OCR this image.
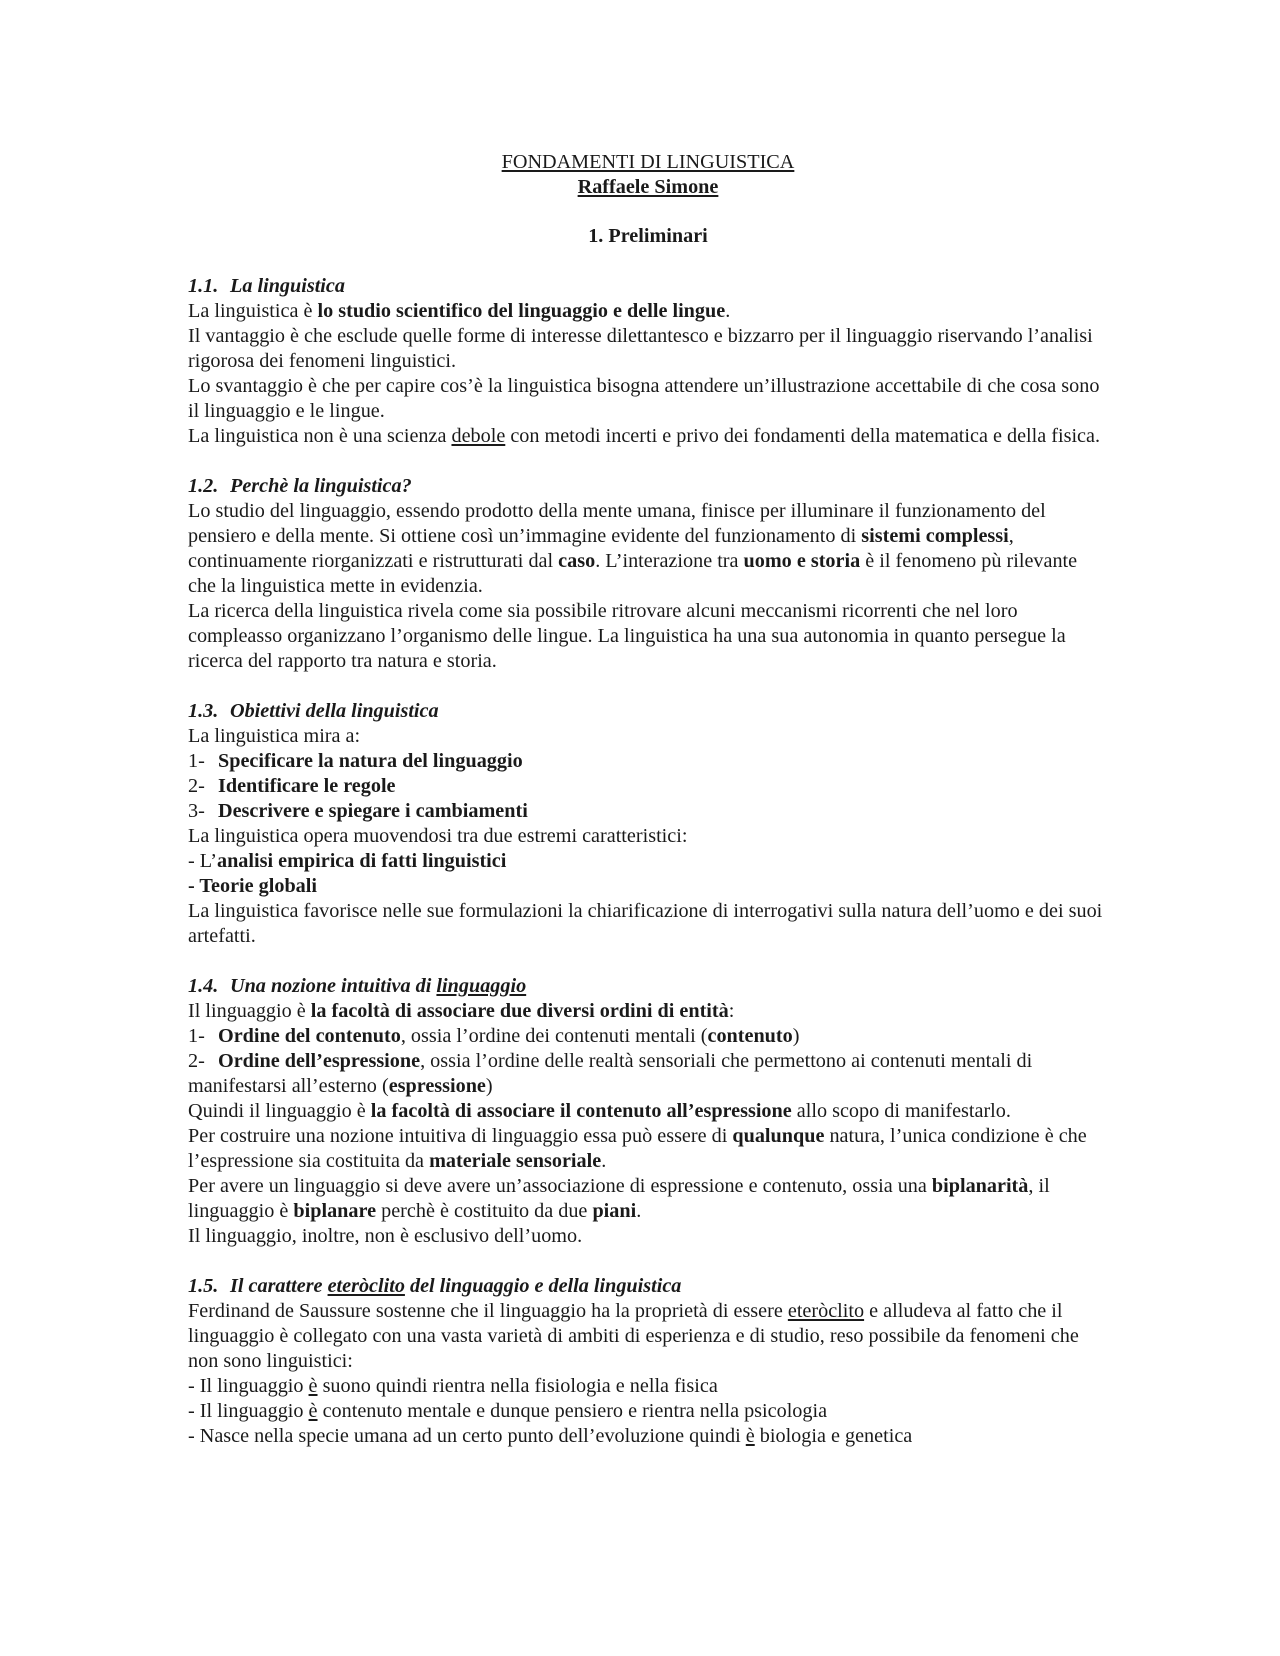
FONDAMENTI DI LINGUISTICA
Raffaele Simone
1. Preliminari
1.1. La linguistica

La linguistica è lo studio scientifico del linguaggio e delle lingue.

Il vantaggio è che esclude quelle forme di interesse dilettantesco e bizzarro per il linguaggio riservando l’analisi rigorosa dei fenomeni linguistici.

Lo svantaggio è che per capire cos’è la linguistica bisogna attendere un’illustrazione accettabile di che cosa sono il linguaggio e le lingue.

La linguistica non è una scienza debole con metodi incerti e privo dei fondamenti della matematica e della fisica.

1.2. Perchè la linguistica?

Lo studio del linguaggio, essendo prodotto della mente umana, finisce per illuminare il funzionamento del pensiero e della mente. Si ottiene così un’immagine evidente del funzionamento di sistemi complessi, continuamente riorganizzati e ristrutturati dal caso. L’interazione tra uomo e storia è il fenomeno pù rilevante che la linguistica mette in evidenzia.

La ricerca della linguistica rivela come sia possibile ritrovare alcuni meccanismi ricorrenti che nel loro compleasso organizzano l’organismo delle lingue. La linguistica ha una sua autonomia in quanto persegue la ricerca del rapporto tra natura e storia.

1.3. Obiettivi della linguistica

La linguistica mira a:

1- Specificare la natura del linguaggio

2- Identificare le regole

3- Descrivere e spiegare i cambiamenti

La linguistica opera muovendosi tra due estremi caratteristici:

- L’analisi empirica di fatti linguistici

- Teorie globali

La linguistica favorisce nelle sue formulazioni la chiarificazione di interrogativi sulla natura dell’uomo e dei suoi artefatti.

1.4. Una nozione intuitiva di linguaggio

Il linguaggio è la facoltà di associare due diversi ordini di entità:

1- Ordine del contenuto, ossia l’ordine dei contenuti mentali (contenuto)

2- Ordine dell’espressione, ossia l’ordine delle realtà sensoriali che permettono ai contenuti mentali di manifestarsi all’esterno (espressione)

Quindi il linguaggio è la facoltà di associare il contenuto all’espressione allo scopo di manifestarlo.

Per costruire una nozione intuitiva di linguaggio essa può essere di qualunque natura, l’unica condizione è che l’espressione sia costituita da materiale sensoriale.

Per avere un linguaggio si deve avere un’associazione di espressione e contenuto, ossia una biplanarità, il linguaggio è biplanare perchè è costituito da due piani.

Il linguaggio, inoltre, non è esclusivo dell’uomo.

1.5. Il carattere eteròclito del linguaggio e della linguistica

Ferdinand de Saussure sostenne che il linguaggio ha la proprietà di essere eteròclito e alludeva al fatto che il linguaggio è collegato con una vasta varietà di ambiti di esperienza e di studio, reso possibile da fenomeni che non sono linguistici:

- Il linguaggio è suono quindi rientra nella fisiologia e nella fisica

- Il linguaggio è contenuto mentale e dunque pensiero e rientra nella psicologia

- Nasce nella specie umana ad un certo punto dell’evoluzione quindi è biologia e genetica
